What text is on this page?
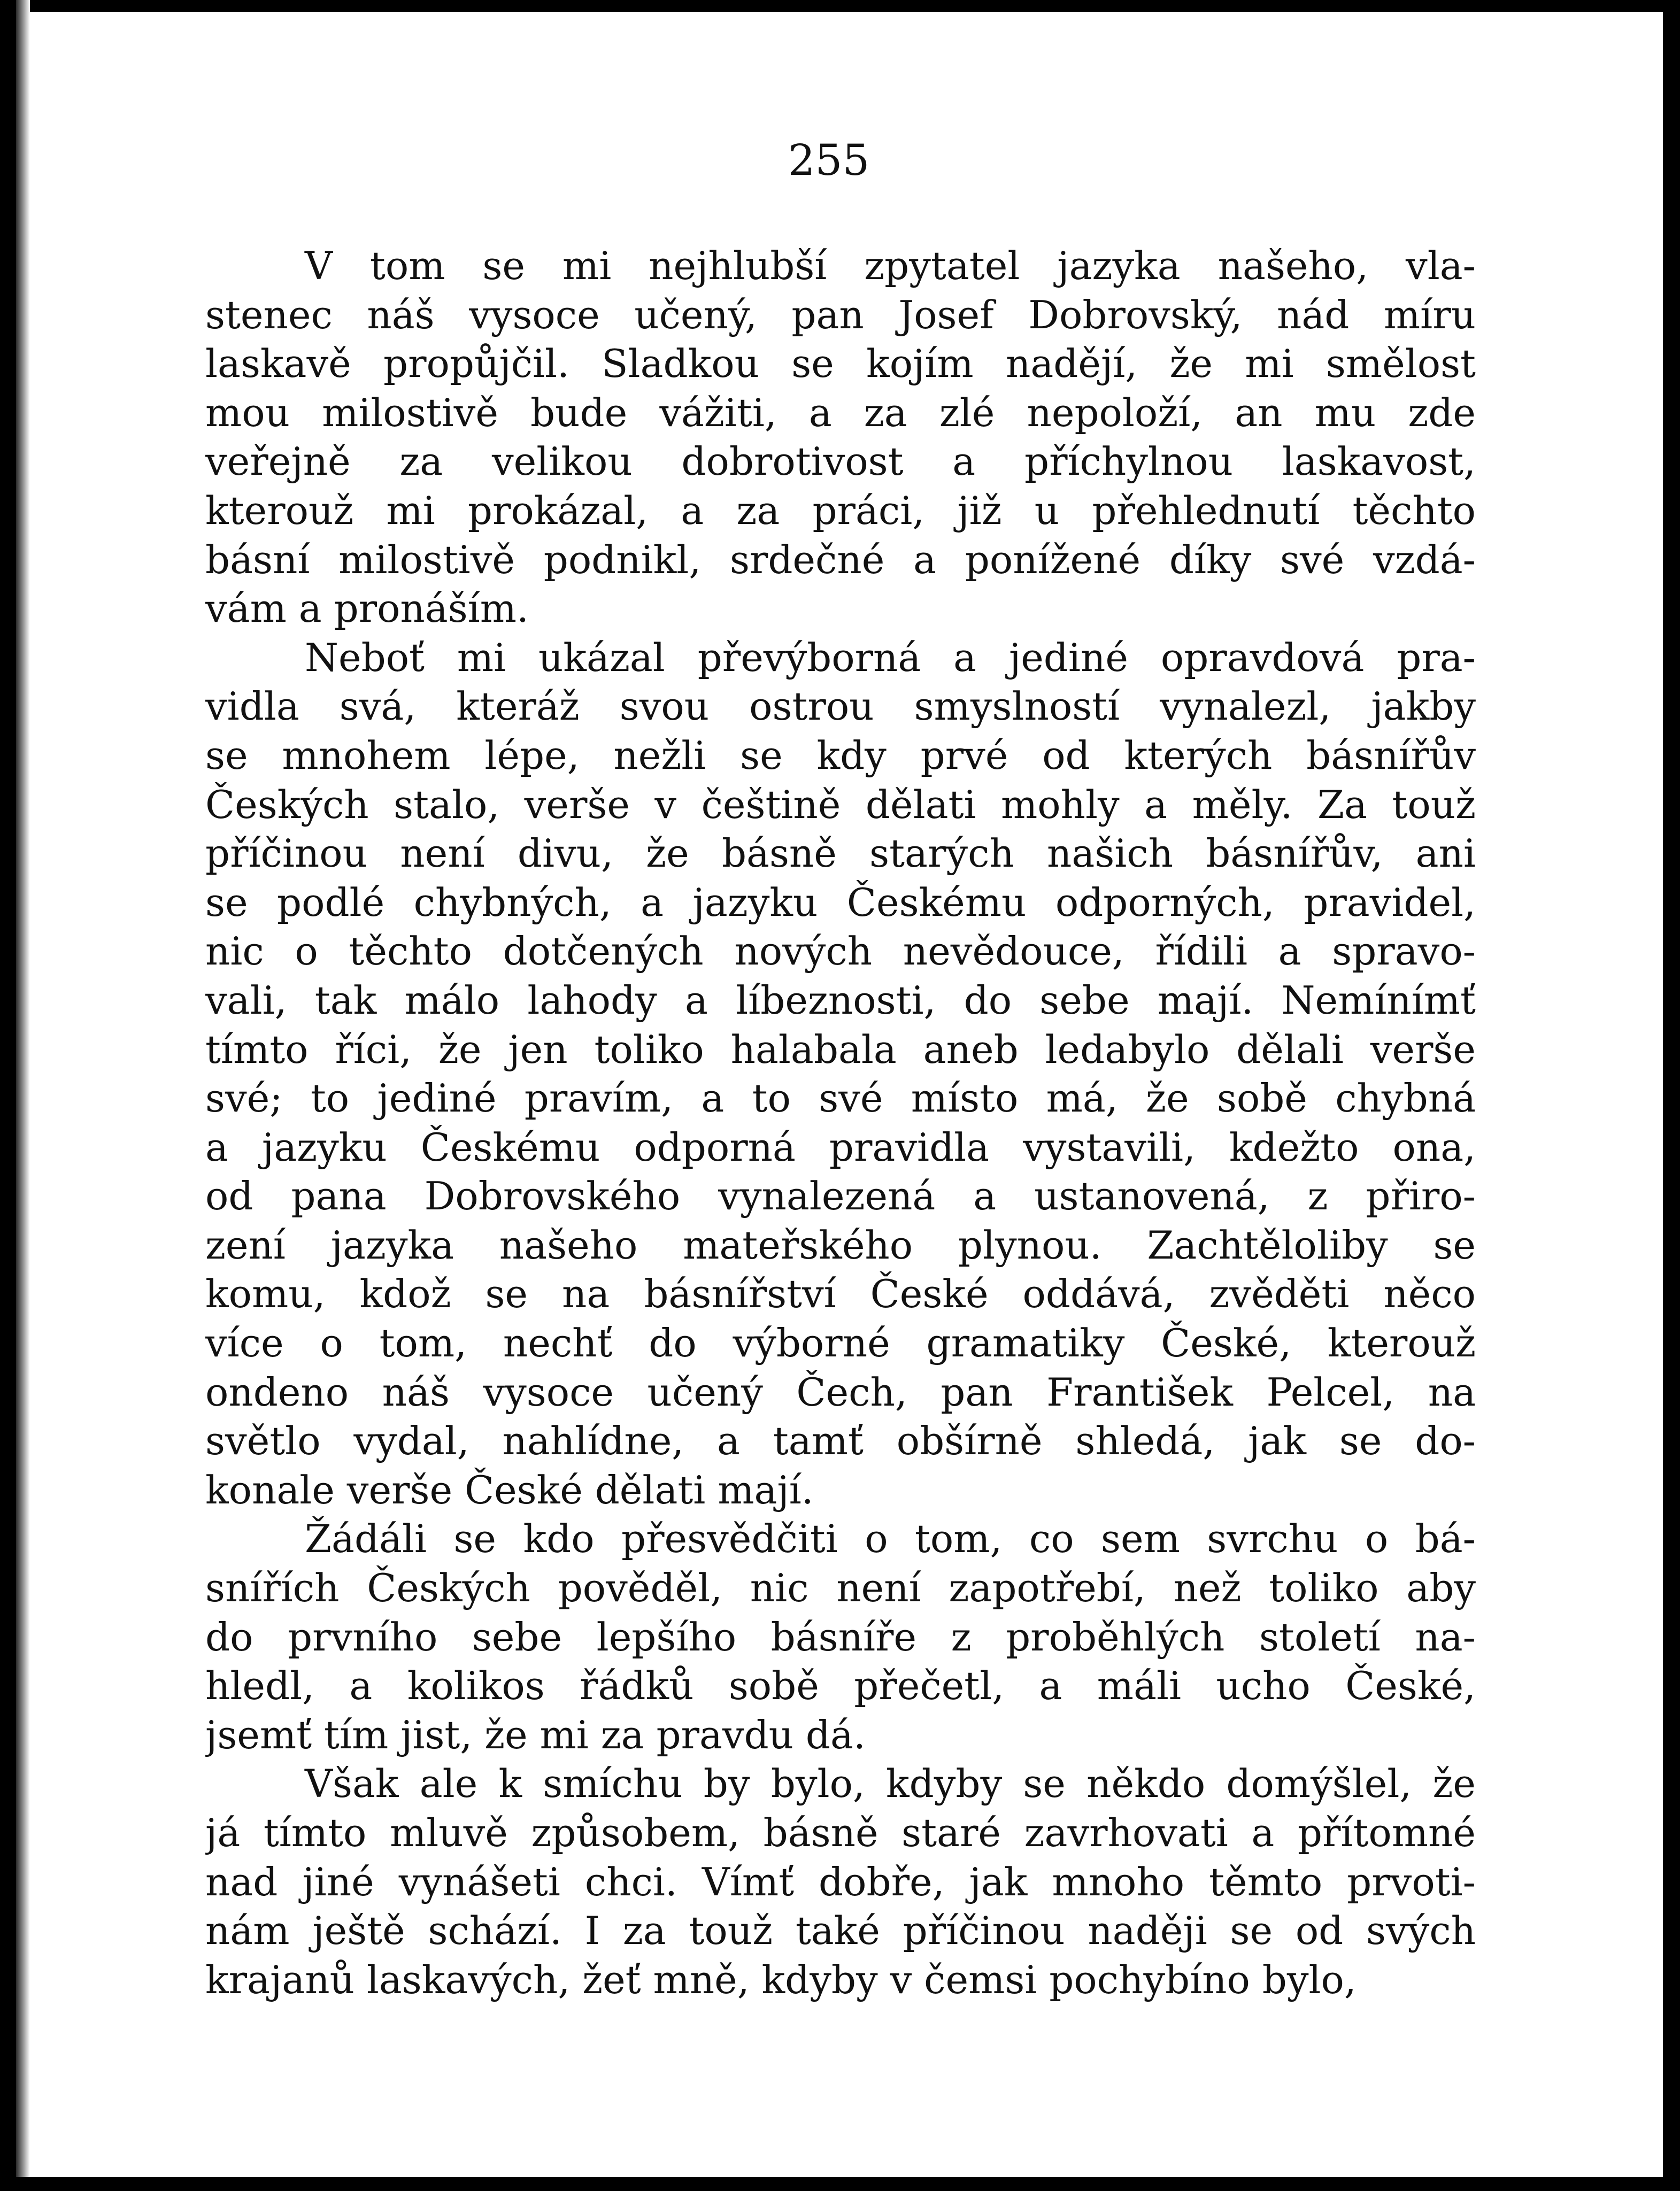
255
V tom se mi nejhlubší zpytatel jazyka našeho, vla-
stenec náš vysoce učený, pan Josef Dobrovský, nád míru
laskavě propůjčil. Sladkou se kojím nadějí, že mi smělost
mou milostivě bude vážiti, a za zlé nepoloží, an mu zde
veřejně za velikou dobrotivost a příchylnou laskavost,
kterouž mi prokázal, a za práci, již u přehlednutí těchto
básní milostivě podnikl, srdečné a ponížené díky své vzdá-
vám a pronáším.
Neboť mi ukázal převýborná a jediné opravdová pra-
vidla svá, kteráž svou ostrou smyslností vynalezl, jakby
se mnohem lépe, nežli se kdy prvé od kterých básnířův
Českých stalo, verše v češtině dělati mohly a měly. Za touž
příčinou není divu, že básně starých našich básnířův, ani
se podlé chybných, a jazyku Českému odporných, pravidel,
nic o těchto dotčených nových nevědouce, řídili a spravo-
vali, tak málo lahody a líbeznosti, do sebe mají. Nemínímť
tímto říci, že jen toliko halabala aneb ledabylo dělali verše
své; to jediné pravím, a to své místo má, že sobě chybná
a jazyku Českému odporná pravidla vystavili, kdežto ona,
od pana Dobrovského vynalezená a ustanovená, z přiro-
zení jazyka našeho mateřského plynou. Zachtěloliby se
komu, kdož se na básnířství České oddává, zvěděti něco
více o tom, nechť do výborné gramatiky České, kterouž
ondeno náš vysoce učený Čech, pan František Pelcel, na
světlo vydal, nahlídne, a tamť obšírně shledá, jak se do-
konale verše České dělati mají.
Žádáli se kdo přesvědčiti o tom, co sem svrchu o bá-
snířích Českých pověděl, nic není zapotřebí, než toliko aby
do prvního sebe lepšího básníře z proběhlých století na-
hledl, a kolikos řádků sobě přečetl, a máli ucho České,
jsemť tím jist, že mi za pravdu dá.
Však ale k smíchu by bylo, kdyby se někdo domýšlel, že
já tímto mluvě způsobem, básně staré zavrhovati a přítomné
nad jiné vynášeti chci. Vímť dobře, jak mnoho těmto prvoti-
nám ještě schází. I za touž také příčinou naději se od svých
krajanů laskavých, žeť mně, kdyby v čemsi pochybíno bylo,
